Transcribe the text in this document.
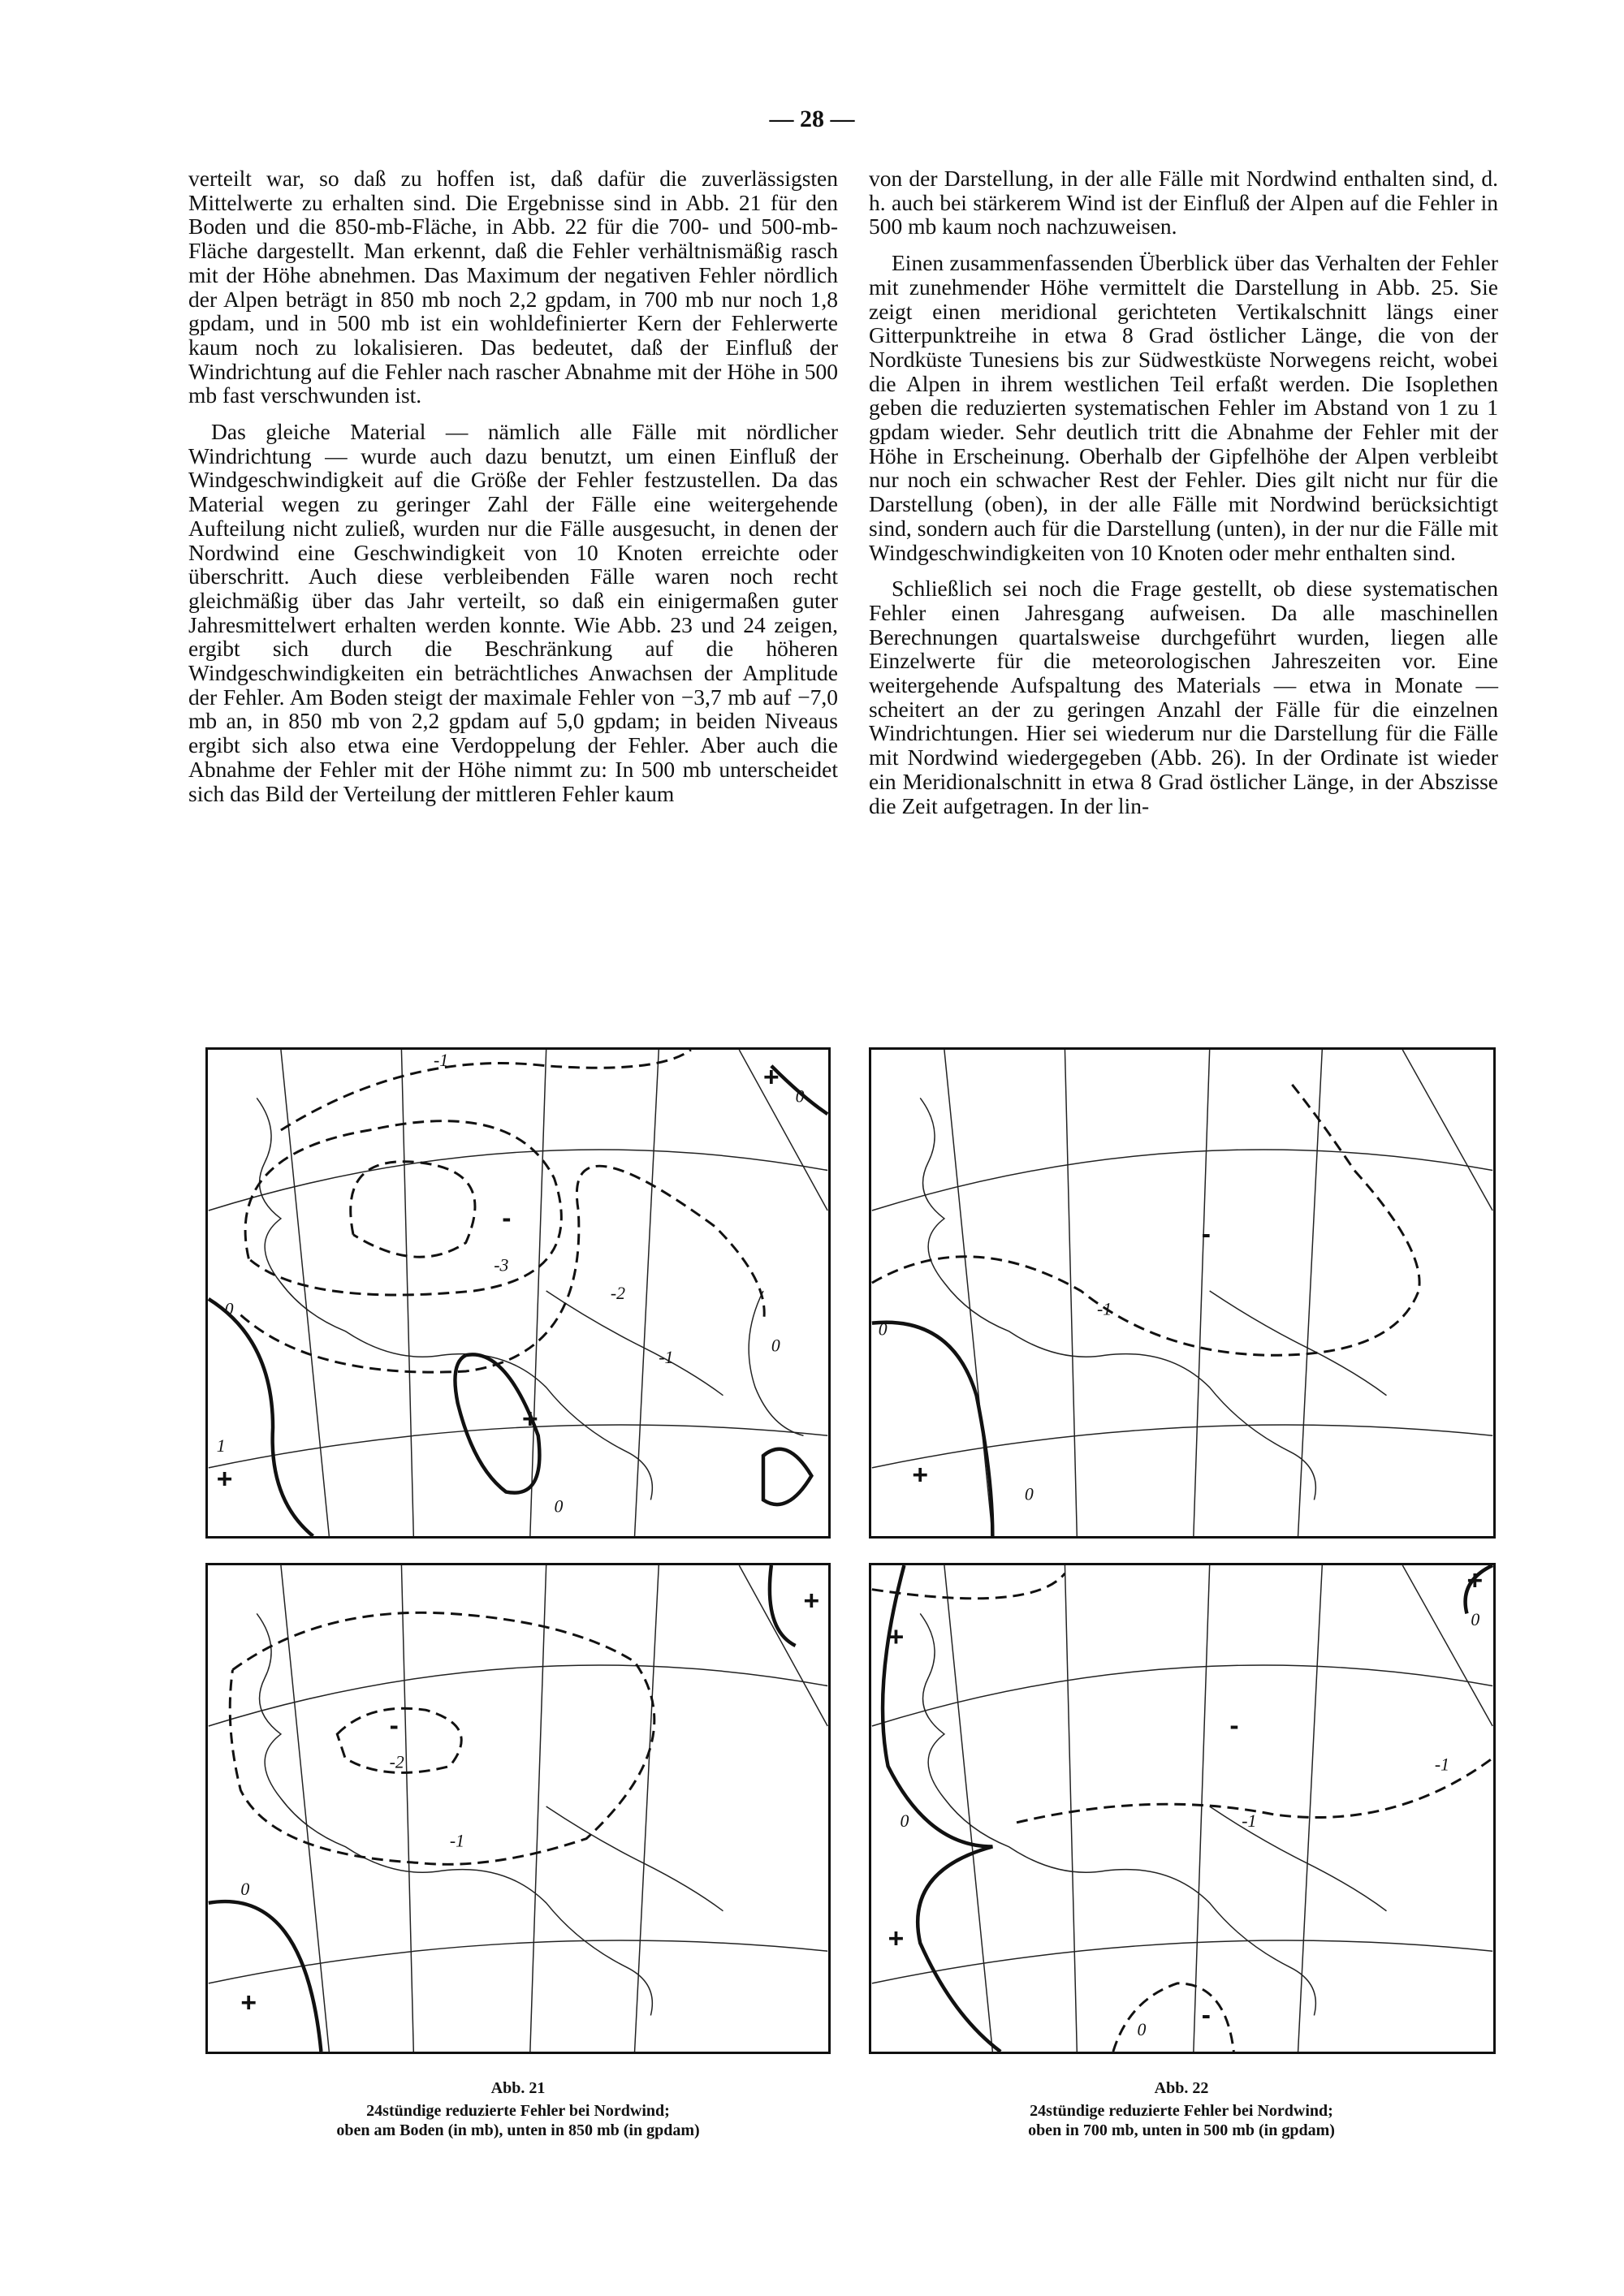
— 28 —

verteilt war, so daß zu hoffen ist, daß dafür die zuverlässigsten Mittelwerte zu erhalten sind. Die Ergebnisse sind in Abb. 21 für den Boden und die 850-mb-Fläche, in Abb. 22 für die 700- und 500-mb-Fläche dargestellt. Man erkennt, daß die Fehler verhältnismäßig rasch mit der Höhe abnehmen. Das Maximum der negativen Fehler nördlich der Alpen beträgt in 850 mb noch 2,2 gpdam, in 700 mb nur noch 1,8 gpdam, und in 500 mb ist ein wohldefinierter Kern der Fehlerwerte kaum noch zu lokalisieren. Das bedeutet, daß der Einfluß der Windrichtung auf die Fehler nach rascher Abnahme mit der Höhe in 500 mb fast verschwunden ist.

Das gleiche Material — nämlich alle Fälle mit nördlicher Windrichtung — wurde auch dazu benutzt, um einen Einfluß der Windgeschwindigkeit auf die Größe der Fehler festzustellen. Da das Material wegen zu geringer Zahl der Fälle eine weitergehende Aufteilung nicht zuließ, wurden nur die Fälle ausgesucht, in denen der Nordwind eine Geschwindigkeit von 10 Knoten erreichte oder überschritt. Auch diese verbleibenden Fälle waren noch recht gleichmäßig über das Jahr verteilt, so daß ein einigermaßen guter Jahresmittelwert erhalten werden konnte. Wie Abb. 23 und 24 zeigen, ergibt sich durch die Beschränkung auf die höheren Windgeschwindigkeiten ein beträchtliches Anwachsen der Amplitude der Fehler. Am Boden steigt der maximale Fehler von −3,7 mb auf −7,0 mb an, in 850 mb von 2,2 gpdam auf 5,0 gpdam; in beiden Niveaus ergibt sich also etwa eine Verdoppelung der Fehler. Aber auch die Abnahme der Fehler mit der Höhe nimmt zu: In 500 mb unterscheidet sich das Bild der Verteilung der mittleren Fehler kaum

von der Darstellung, in der alle Fälle mit Nordwind enthalten sind, d. h. auch bei stärkerem Wind ist der Einfluß der Alpen auf die Fehler in 500 mb kaum noch nachzuweisen.

Einen zusammenfassenden Überblick über das Verhalten der Fehler mit zunehmender Höhe vermittelt die Darstellung in Abb. 25. Sie zeigt einen meridional gerichteten Vertikalschnitt längs einer Gitterpunktreihe in etwa 8 Grad östlicher Länge, die von der Nordküste Tunesiens bis zur Südwestküste Norwegens reicht, wobei die Alpen in ihrem westlichen Teil erfaßt werden. Die Isoplethen geben die reduzierten systematischen Fehler im Abstand von 1 zu 1 gpdam wieder. Sehr deutlich tritt die Abnahme der Fehler mit der Höhe in Erscheinung. Oberhalb der Gipfelhöhe der Alpen verbleibt nur noch ein schwacher Rest der Fehler. Dies gilt nicht nur für die Darstellung (oben), in der alle Fälle mit Nordwind berücksichtigt sind, sondern auch für die Darstellung (unten), in der nur die Fälle mit Windgeschwindigkeiten von 10 Knoten oder mehr enthalten sind.

Schließlich sei noch die Frage gestellt, ob diese systematischen Fehler einen Jahresgang aufweisen. Da alle maschinellen Berechnungen quartalsweise durchgeführt wurden, liegen alle Einzelwerte für die meteorologischen Jahreszeiten vor. Eine weitergehende Aufspaltung des Materials — etwa in Monate — scheitert an der zu geringen Anzahl der Fälle für die einzelnen Windrichtungen. Hier sei wiederum nur die Darstellung für die Fälle mit Nordwind wiedergegeben (Abb. 26). In der Ordinate ist wieder ein Meridionalschnitt in etwa 8 Grad östlicher Länge, in der Abszisse die Zeit aufgetragen. In der lin-

-1
0
-
-3
-2
-1
0
+
0
1
+
+
0
-
-1
0
+
0
+
-
-2
-1
0
+
+
0
+
-
-1
0	-1
+
-
0
Abb. 21
24stündige reduzierte Fehler bei Nordwind;
oben am Boden (in mb), unten in 850 mb (in gpdam)
Abb. 22
24stündige reduzierte Fehler bei Nordwind;
oben in 700 mb, unten in 500 mb (in gpdam)
